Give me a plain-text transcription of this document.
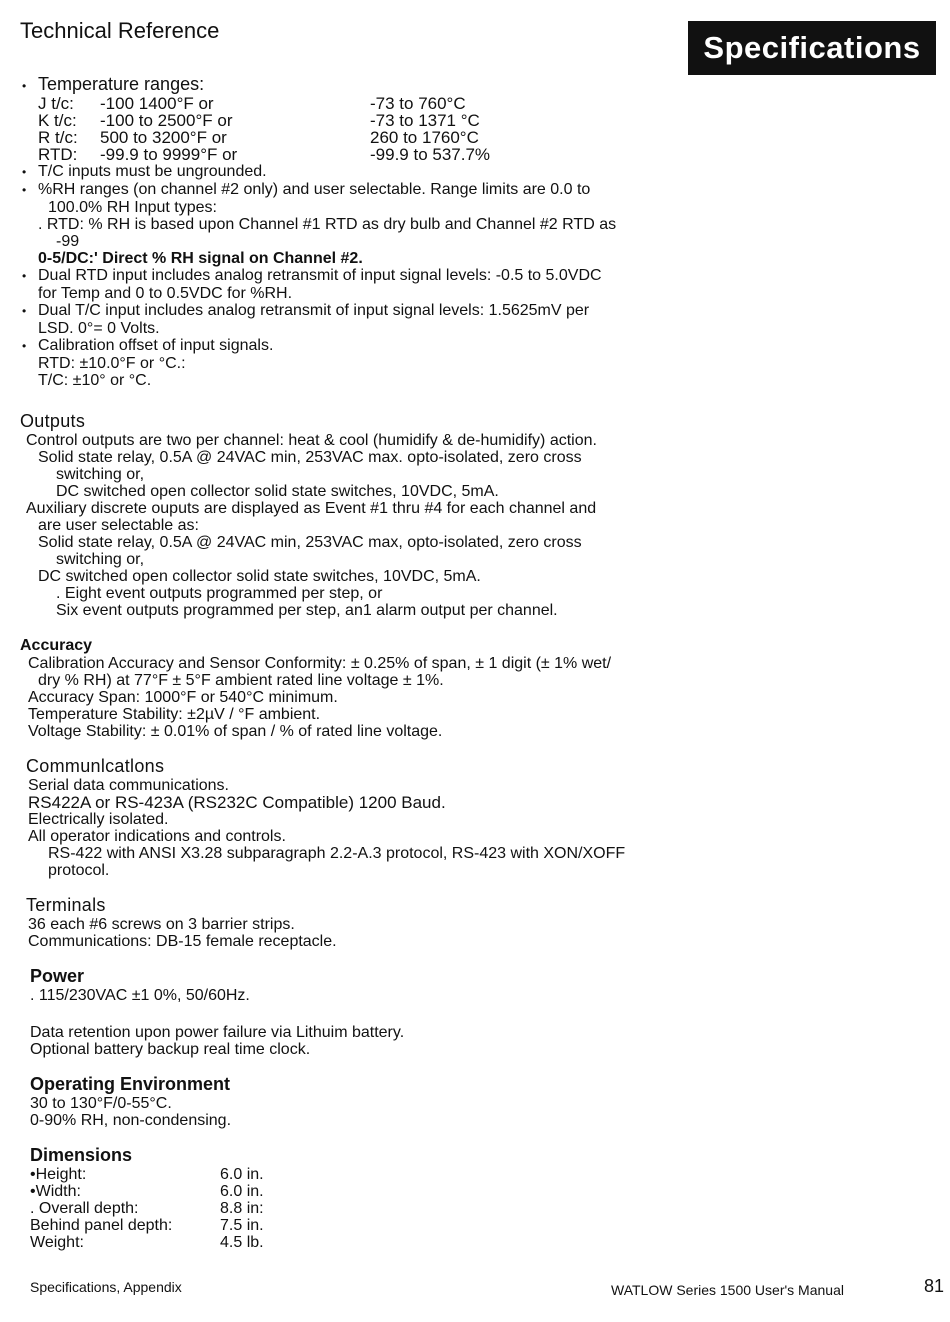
Technical Reference	Specifications
• Temperature ranges:
J t/c:	-100 1400°F or	-73 to 760°C
K t/c:	-100 to 2500°F or	-73 to 1371 °C
R t/c:	500 to 3200°F or	260 to 1760°C
RTD:	-99.9 to 9999°F or	-99.9 to 537.7%
• T/C inputs must be ungrounded.
• %RH ranges (on channel #2 only) and user selectable. Range limits are 0.0 to
100.0% RH Input types:
. RTD: % RH is based upon Channel #1 RTD as dry bulb and Channel #2 RTD as
-99
0-5/DC:' Direct % RH signal on Channel #2.
• Dual RTD input includes analog retransmit of input signal levels: -0.5 to 5.0VDC
for Temp and 0 to 0.5VDC for %RH.
• Dual T/C input includes analog retransmit of input signal levels: 1.5625mV per
LSD. 0°= 0 Volts.
• Calibration offset of input signals.
RTD: ±10.0°F or °C.:
T/C: ±10° or °C.
Outputs
Control outputs are two per channel: heat & cool (humidify & de-humidify) action.
Solid state relay, 0.5A @ 24VAC min, 253VAC max. opto-isolated, zero cross
switching or,
DC switched open collector solid state switches, 10VDC, 5mA.
Auxiliary discrete ouputs are displayed as Event #1 thru #4 for each channel and
are user selectable as:
Solid state relay, 0.5A @ 24VAC min, 253VAC max, opto-isolated, zero cross
switching or,
DC switched open collector solid state switches, 10VDC, 5mA.
. Eight event outputs programmed per step, or
Six event outputs programmed per step, an1 alarm output per channel.
Accuracy
Calibration Accuracy and Sensor Conformity: ± 0.25% of span, ± 1 digit (± 1% wet/
dry % RH) at 77°F ± 5°F ambient rated line voltage ± 1%.
Accuracy Span: 1000°F or 540°C minimum.
Temperature Stability: ±2µV / °F ambient.
Voltage Stability: ± 0.01% of span / % of rated line voltage.
Communlcatlons
Serial data communications.
RS422A or RS-423A (RS232C Compatible) 1200 Baud.
Electrically isolated.
All operator indications and controls.
RS-422 with ANSI X3.28 subparagraph 2.2-A.3 protocol, RS-423 with XON/XOFF
protocol.
Terminals
36 each #6 screws on 3 barrier strips.
Communications: DB-15 female receptacle.
Power
. 115/230VAC ±1 0%, 50/60Hz.
Data retention upon power failure via Lithuim battery.
Optional battery backup real time clock.
Operating Environment
30 to 130°F/0-55°C.
0-90% RH, non-condensing.
Dimensions
•Height:	6.0 in.
•Width:	6.0 in.
. Overall depth:	8.8 in:
Behind panel depth:	7.5 in.
Weight:	4.5 lb.
Specifications, Appendix	WATLOW Series 1500 User's Manual	81
